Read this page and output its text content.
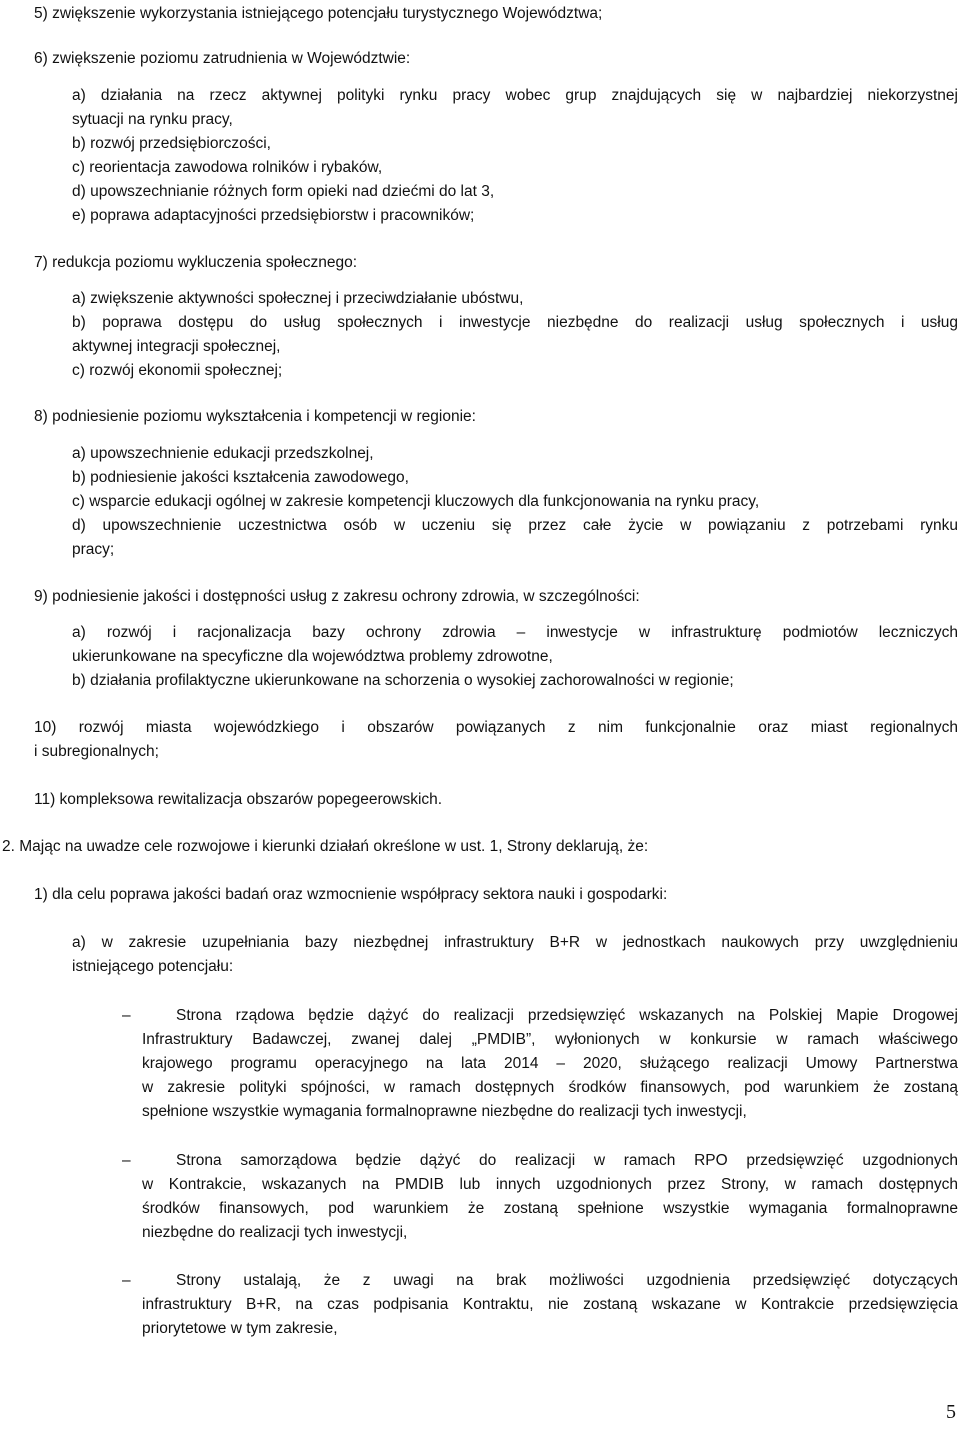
5) zwiększenie wykorzystania istniejącego potencjału turystycznego Województwa;

6) zwiększenie poziomu zatrudnienia w Województwie:

a) działania na rzecz aktywnej polityki rynku pracy wobec grup znajdujących się w najbardziej niekorzystnej

sytuacji na rynku pracy,

b) rozwój przedsiębiorczości,

c) reorientacja zawodowa rolników i rybaków,

d) upowszechnianie różnych form opieki nad dziećmi do lat 3,

e) poprawa adaptacyjności przedsiębiorstw i pracowników;

7) redukcja poziomu wykluczenia społecznego:

a) zwiększenie aktywności społecznej i przeciwdziałanie ubóstwu,

b) poprawa dostępu do usług społecznych i inwestycje niezbędne do realizacji usług społecznych i usług

aktywnej integracji społecznej,

c) rozwój ekonomii społecznej;

8) podniesienie poziomu wykształcenia i kompetencji w regionie:

a) upowszechnienie edukacji przedszkolnej,

b) podniesienie jakości kształcenia zawodowego,

c) wsparcie edukacji ogólnej w zakresie kompetencji kluczowych dla funkcjonowania na rynku pracy,

d) upowszechnienie uczestnictwa osób w uczeniu się przez całe życie w powiązaniu z potrzebami rynku

pracy;

9) podniesienie jakości i dostępności usług z zakresu ochrony zdrowia, w szczególności:

a) rozwój i racjonalizacja bazy ochrony zdrowia – inwestycje w infrastrukturę podmiotów leczniczych

ukierunkowane na specyficzne dla województwa problemy zdrowotne,

b) działania profilaktyczne ukierunkowane na schorzenia o wysokiej zachorowalności w regionie;

10) rozwój miasta wojewódzkiego i obszarów powiązanych z nim funkcjonalnie oraz miast regionalnych

i subregionalnych;

11) kompleksowa rewitalizacja obszarów popegeerowskich.

2. Mając na uwadze cele rozwojowe i kierunki działań określone w ust. 1, Strony deklarują, że:

1) dla celu poprawa jakości badań oraz wzmocnienie współpracy sektora nauki i gospodarki:

a) w zakresie uzupełniania bazy niezbędnej infrastruktury B+R w jednostkach naukowych przy uwzględnieniu

istniejącego potencjału:

–	Strona rządowa będzie dążyć do realizacji przedsięwzięć wskazanych na Polskiej Mapie Drogowej
Infrastruktury Badawczej, zwanej dalej „PMDIB”, wyłonionych w konkursie w ramach właściwego
krajowego programu operacyjnego na lata 2014 – 2020, służącego realizacji Umowy Partnerstwa
w zakresie polityki spójności, w ramach dostępnych środków finansowych, pod warunkiem że zostaną
spełnione wszystkie wymagania formalnoprawne niezbędne do realizacji tych inwestycji,
–	Strona samorządowa będzie dążyć do realizacji w ramach RPO przedsięwzięć uzgodnionych
w Kontrakcie, wskazanych na PMDIB lub innych uzgodnionych przez Strony, w ramach dostępnych
środków finansowych, pod warunkiem że zostaną spełnione wszystkie wymagania formalnoprawne
niezbędne do realizacji tych inwestycji,
–	Strony ustalają, że z uwagi na brak możliwości uzgodnienia przedsięwzięć dotyczących
infrastruktury B+R, na czas podpisania Kontraktu, nie zostaną wskazane w Kontrakcie przedsięwzięcia
priorytetowe w tym zakresie,
5
